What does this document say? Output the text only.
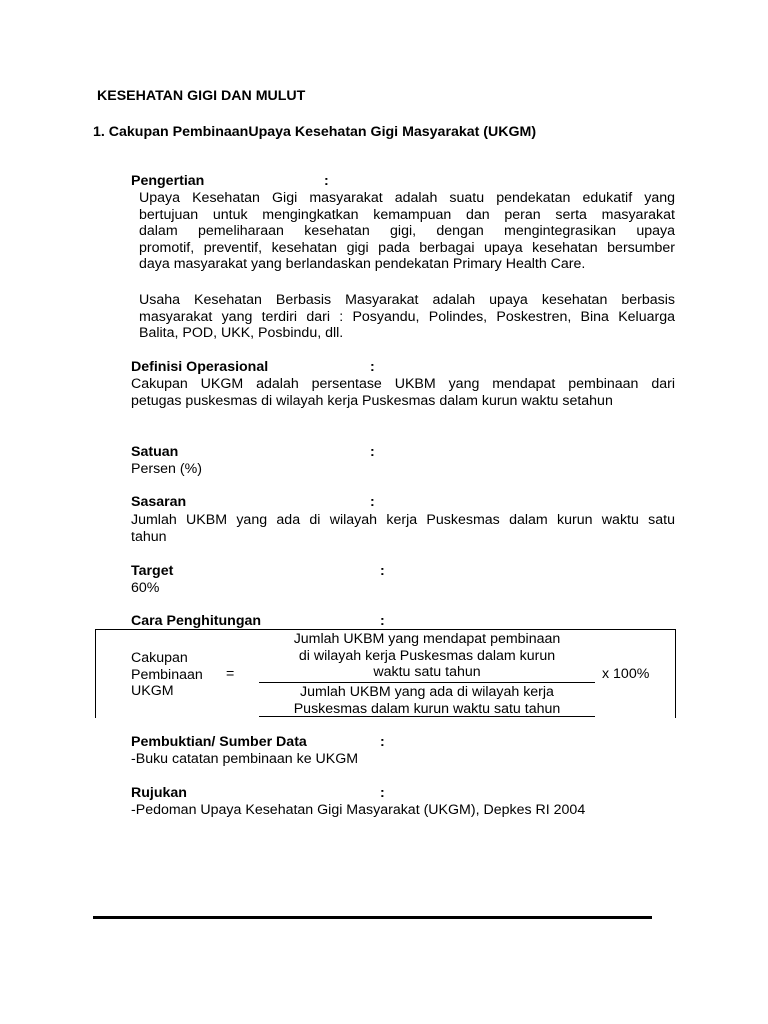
KESEHATAN GIGI DAN MULUT
1. Cakupan PembinaanUpaya Kesehatan Gigi Masyarakat (UKGM)
Pengertian	:
Upaya Kesehatan Gigi masyarakat adalah suatu pendekatan edukatif yang
bertujuan untuk mengingkatkan kemampuan dan peran serta masyarakat
dalam pemeliharaan kesehatan gigi, dengan mengintegrasikan upaya
promotif, preventif, kesehatan gigi pada berbagai upaya kesehatan bersumber
daya masyarakat yang berlandaskan pendekatan Primary Health Care.
Usaha Kesehatan Berbasis Masyarakat adalah upaya kesehatan berbasis
masyarakat yang terdiri dari : Posyandu, Polindes, Poskestren, Bina Keluarga
Balita, POD, UKK, Posbindu, dll.
Definisi Operasional	:
Cakupan UKGM adalah persentase UKBM yang mendapat pembinaan dari
petugas puskesmas di wilayah kerja Puskesmas dalam kurun waktu setahun
Satuan	:
Persen (%)
Sasaran	:
Jumlah UKBM yang ada di wilayah kerja Puskesmas dalam kurun waktu satu
tahun
Target	:
60%
Cara Penghitungan	:
Cakupan
Pembinaan
UKGM
=
Jumlah UKBM yang mendapat pembinaan
di wilayah kerja Puskesmas dalam kurun
waktu satu tahun
Jumlah UKBM yang ada di wilayah kerja
Puskesmas dalam kurun waktu satu tahun
x 100%
Pembuktian/ Sumber Data	:
-Buku catatan pembinaan ke UKGM
Rujukan	:
-Pedoman Upaya Kesehatan Gigi Masyarakat (UKGM), Depkes RI 2004
